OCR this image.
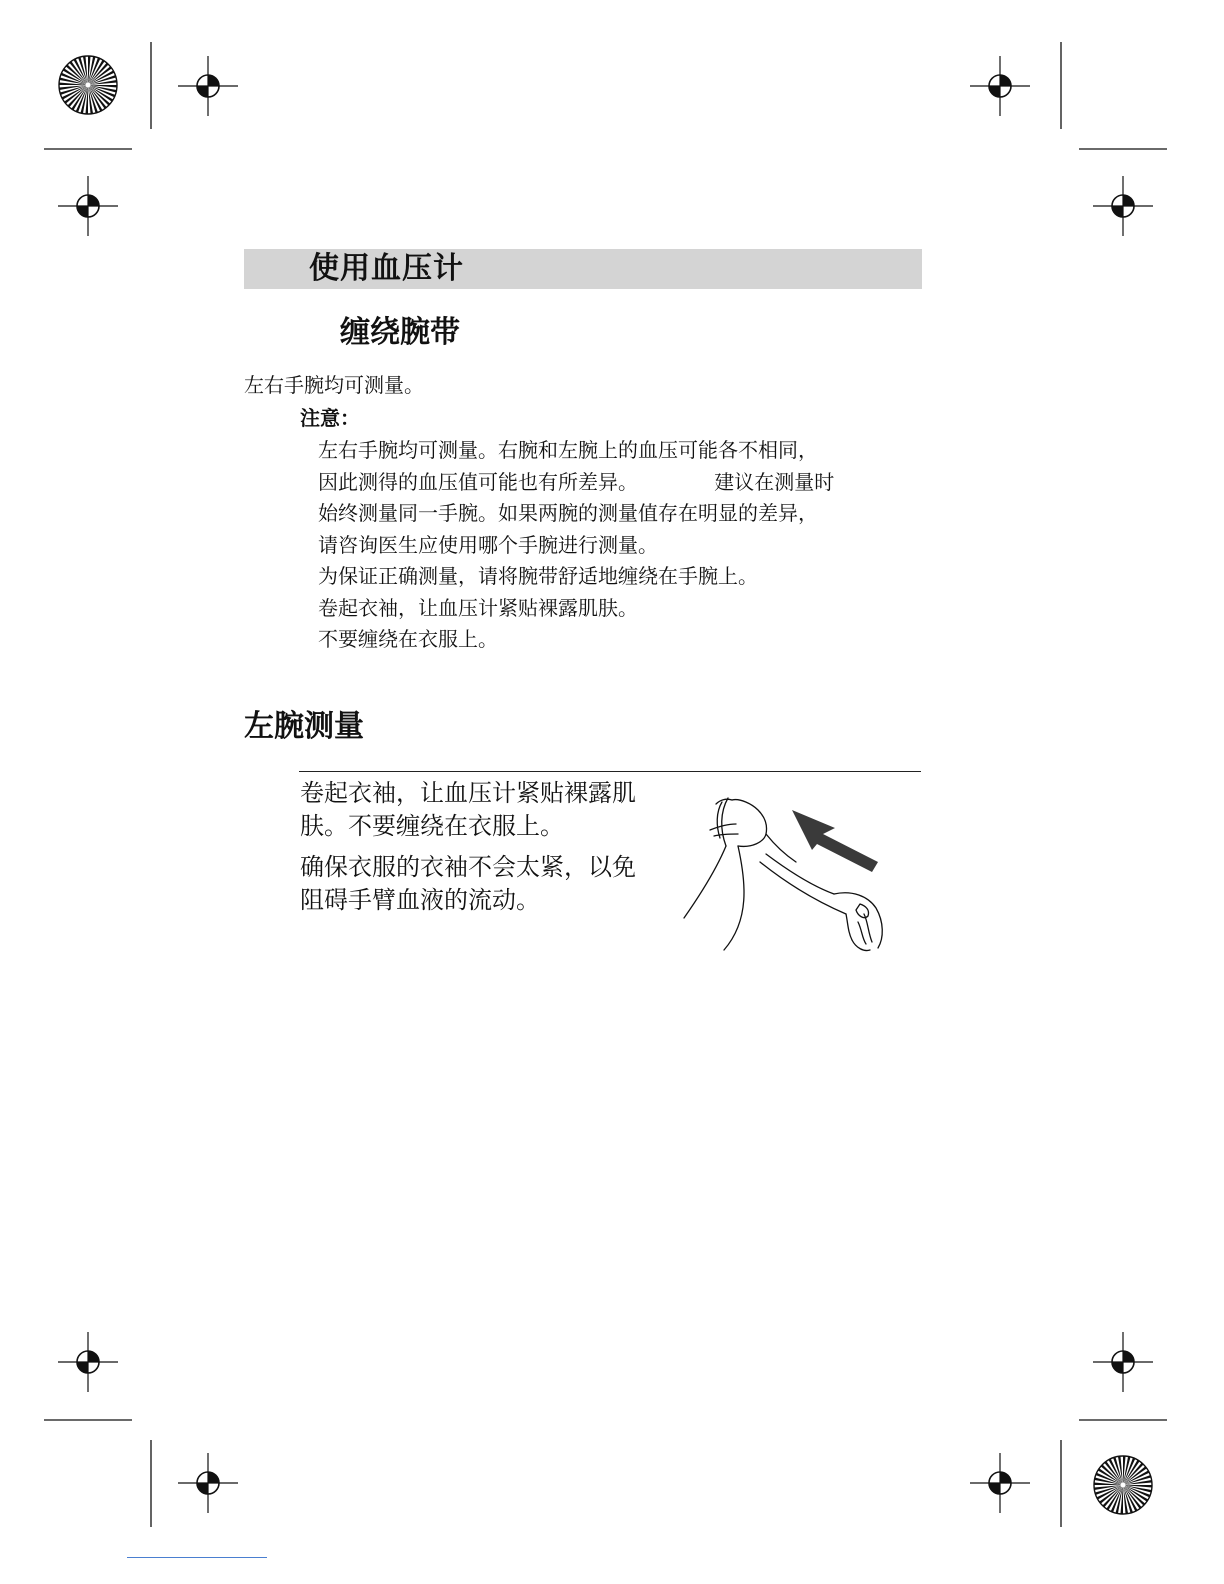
使用血压计
缠绕腕带
左右手腕均可测量。
注意：
左右手腕均可测量。右腕和左腕上的血压可能各不相同，
因此测得的血压值可能也有所差异。            建议在测量时
始终测量同一手腕。如果两腕的测量值存在明显的差异，
请咨询医生应使用哪个手腕进行测量。
为保证正确测量，请将腕带舒适地缠绕在手腕上。
卷起衣袖，让血压计紧贴裸露肌肤。
不要缠绕在衣服上。
左腕测量
卷起衣袖，让血压计紧贴裸露肌肤。不要缠绕在衣服上。
确保衣服的衣袖不会太紧，以免阻碍手臂血液的流动。
